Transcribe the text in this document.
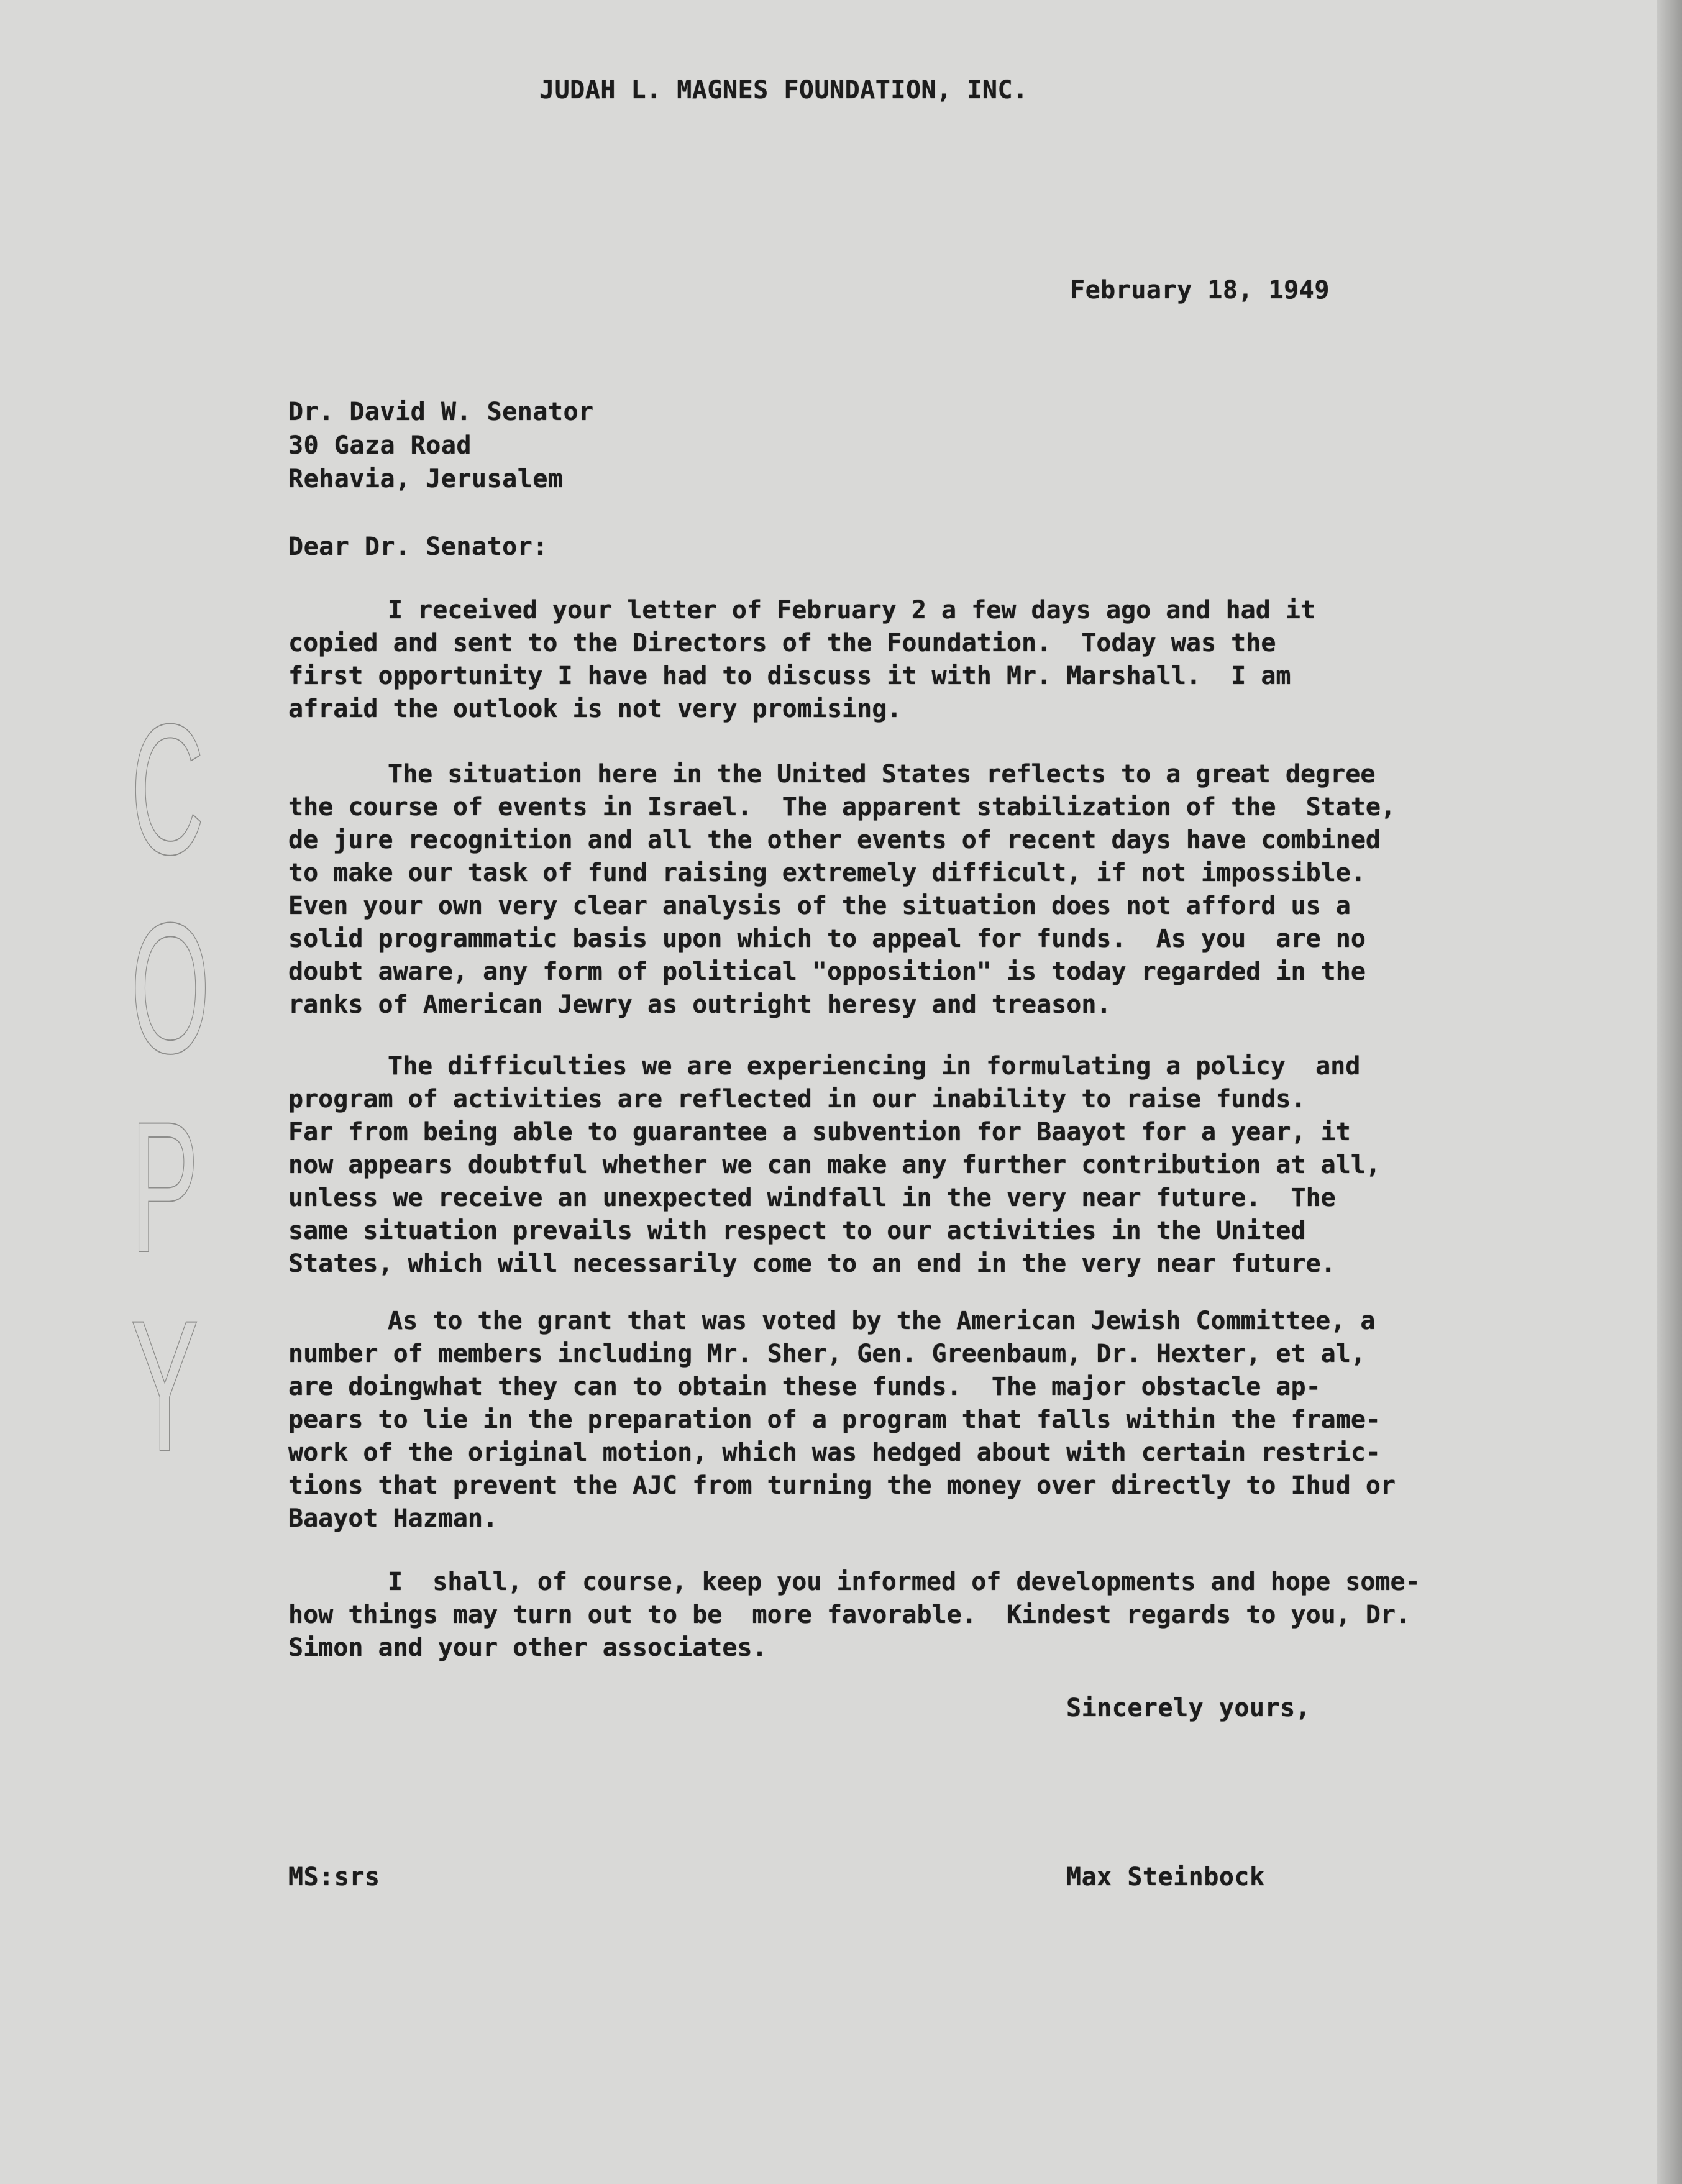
JUDAH L. MAGNES FOUNDATION, INC.
February 18, 1949
Dr. David W. Senator
30 Gaza Road
Rehavia, Jerusalem
Dear Dr. Senator:
I received your letter of February 2 a few days ago and had it
copied and sent to the Directors of the Foundation.  Today was the
first opportunity I have had to discuss it with Mr. Marshall.  I am
afraid the outlook is not very promising.
The situation here in the United States reflects to a great degree
the course of events in Israel.  The apparent stabilization of the  State,
de jure recognition and all the other events of recent days have combined
to make our task of fund raising extremely difficult, if not impossible.
Even your own very clear analysis of the situation does not afford us a
solid programmatic basis upon which to appeal for funds.  As you  are no
doubt aware, any form of political "opposition" is today regarded in the
ranks of American Jewry as outright heresy and treason.
The difficulties we are experiencing in formulating a policy  and
program of activities are reflected in our inability to raise funds.
Far from being able to guarantee a subvention for Baayot for a year, it
now appears doubtful whether we can make any further contribution at all,
unless we receive an unexpected windfall in the very near future.  The
same situation prevails with respect to our activities in the United
States, which will necessarily come to an end in the very near future.
As to the grant that was voted by the American Jewish Committee, a
number of members including Mr. Sher, Gen. Greenbaum, Dr. Hexter, et al,
are doingwhat they can to obtain these funds.  The major obstacle ap-
pears to lie in the preparation of a program that falls within the frame-
work of the original motion, which was hedged about with certain restric-
tions that prevent the AJC from turning the money over directly to Ihud or
Baayot Hazman.
I  shall, of course, keep you informed of developments and hope some-
how things may turn out to be  more favorable.  Kindest regards to you, Dr.
Simon and your other associates.
Sincerely yours,
MS:srs	Max Steinbock
C
O
P
Y
